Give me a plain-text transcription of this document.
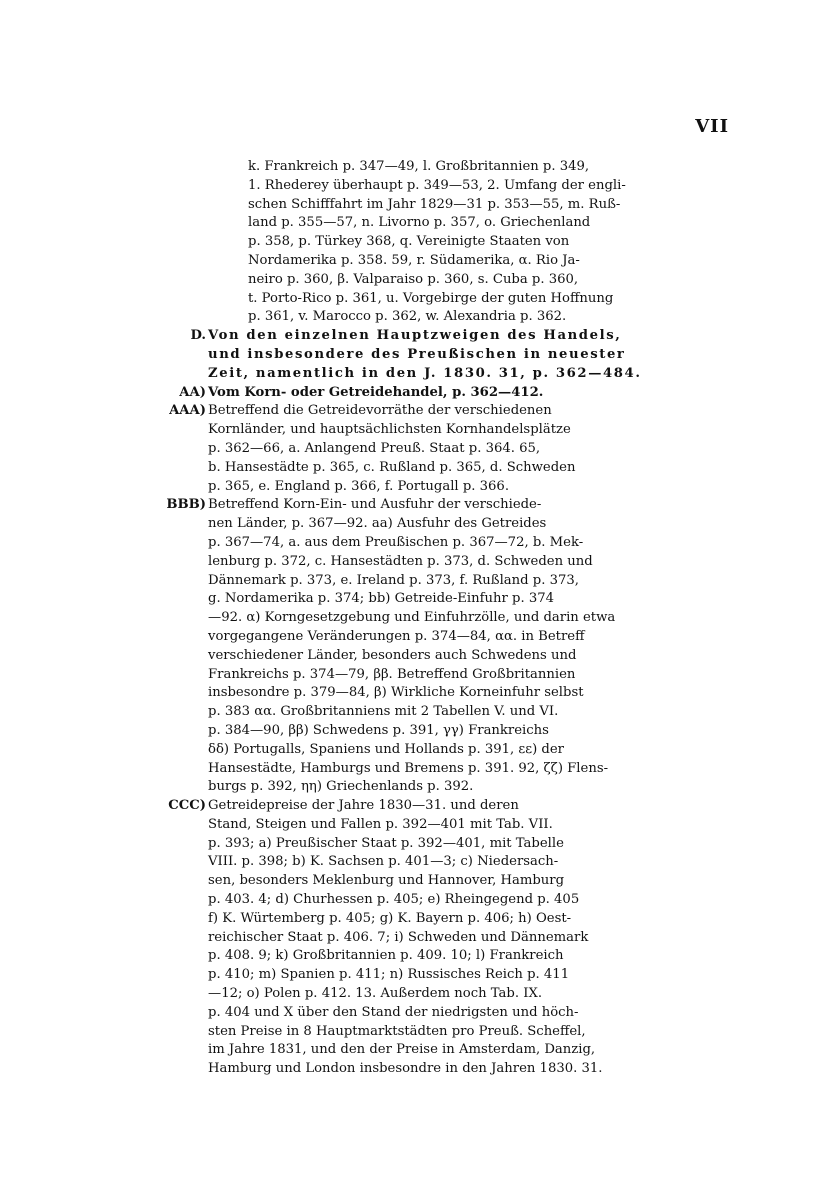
VII
k. Frankreich p. 347—49, l. Großbritannien p. 349,
1. Rhederey überhaupt p. 349—53, 2. Umfang der engli-
schen Schifffahrt im Jahr 1829—31 p. 353—55, m. Ruß-
land p. 355—57, n. Livorno p. 357, o. Griechenland
p. 358, p. Türkey 368, q. Vereinigte Staaten von
Nordamerika p. 358. 59, r. Südamerika, α. Rio Ja-
neiro p. 360, β. Valparaiso p. 360, s. Cuba p. 360,
t. Porto-Rico p. 361, u. Vorgebirge der guten Hoffnung
p. 361, v. Marocco p. 362, w. Alexandria p. 362.
D. Von den einzelnen Hauptzweigen des Handels,
und insbesondere des Preußischen in neuester
Zeit, namentlich in den J. 1830. 31, p. 362—484.
AA) Vom Korn- oder Getreidehandel, p. 362—412.
AAA) Betreffend die Getreidevorräthe der verschiedenen
Kornländer, und hauptsächlichsten Kornhandelsplätze
p. 362—66, a. Anlangend Preuß. Staat p. 364. 65,
b. Hansestädte p. 365, c. Rußland p. 365, d. Schweden
p. 365, e. England p. 366, f. Portugall p. 366.
BBB) Betreffend Korn-Ein- und Ausfuhr der verschiede-
nen Länder, p. 367—92. aa) Ausfuhr des Getreides
p. 367—74, a. aus dem Preußischen p. 367—72, b. Mek-
lenburg p. 372, c. Hansestädten p. 373, d. Schweden und
Dännemark p. 373, e. Ireland p. 373, f. Rußland p. 373,
g. Nordamerika p. 374; bb) Getreide-Einfuhr p. 374
—92. α) Korngesetzgebung und Einfuhrzölle, und darin etwa
vorgegangene Veränderungen p. 374—84, αα. in Betreff
verschiedener Länder, besonders auch Schwedens und
Frankreichs p. 374—79, ββ. Betreffend Großbritannien
insbesondre p. 379—84, β) Wirkliche Korneinfuhr selbst
p. 383 αα. Großbritanniens mit 2 Tabellen V. und VI.
p. 384—90, ββ) Schwedens p. 391, γγ) Frankreichs
δδ) Portugalls, Spaniens und Hollands p. 391, εε) der
Hansestädte, Hamburgs und Bremens p. 391. 92, ζζ) Flens-
burgs p. 392, ηη) Griechenlands p. 392.
CCC) Getreidepreise der Jahre 1830—31. und deren
Stand, Steigen und Fallen p. 392—401 mit Tab. VII.
p. 393; a) Preußischer Staat p. 392—401, mit Tabelle
VIII. p. 398; b) K. Sachsen p. 401—3; c) Niedersach-
sen, besonders Meklenburg und Hannover, Hamburg
p. 403. 4; d) Churhessen p. 405; e) Rheingegend p. 405
f) K. Würtemberg p. 405; g) K. Bayern p. 406; h) Oest-
reichischer Staat p. 406. 7; i) Schweden und Dännemark
p. 408. 9; k) Großbritannien p. 409. 10; l) Frankreich
p. 410; m) Spanien p. 411; n) Russisches Reich p. 411
—12; o) Polen p. 412. 13. Außerdem noch Tab. IX.
p. 404 und X über den Stand der niedrigsten und höch-
sten Preise in 8 Hauptmarktstädten pro Preuß. Scheffel,
im Jahre 1831, und den der Preise in Amsterdam, Danzig,
Hamburg und London insbesondre in den Jahren 1830. 31.
